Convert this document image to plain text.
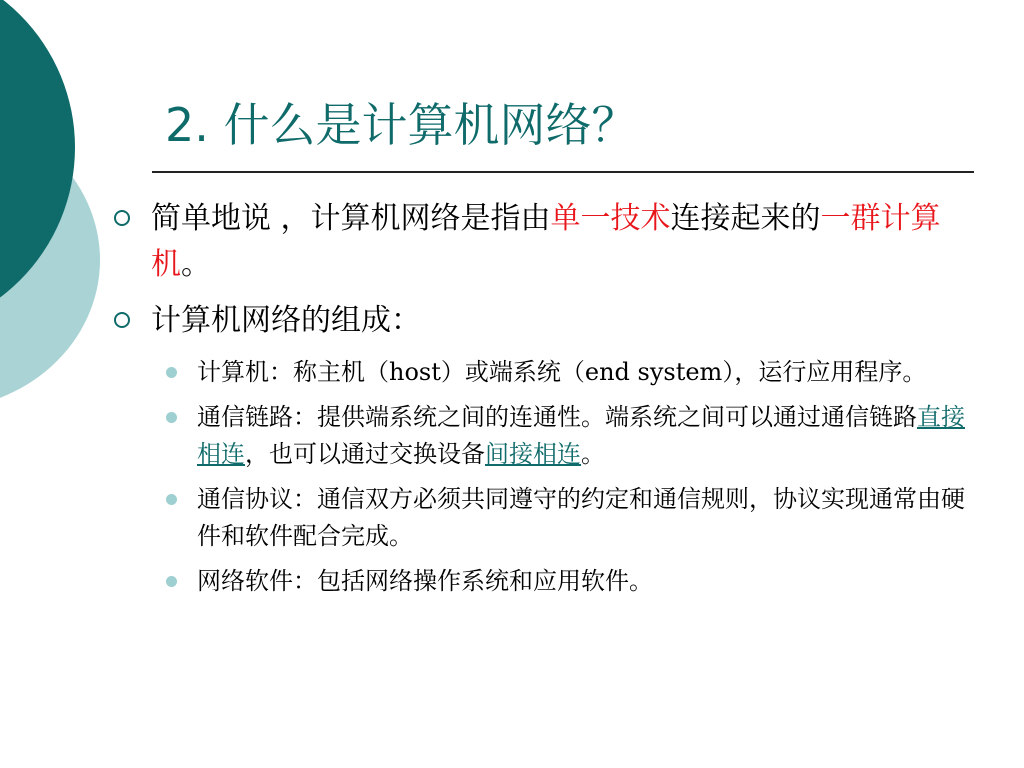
2. 什么是计算机网络？
简单地说 ，计算机网络是指由单一技术连接起来的一群计算机。
计算机网络的组成：
计算机：称主机（host）或端系统（end system），运行应用程序。
通信链路：提供端系统之间的连通性。端系统之间可以通过通信链路直接相连，也可以通过交换设备间接相连。
通信协议：通信双方必须共同遵守的约定和通信规则，协议实现通常由硬件和软件配合完成。
网络软件：包括网络操作系统和应用软件。
